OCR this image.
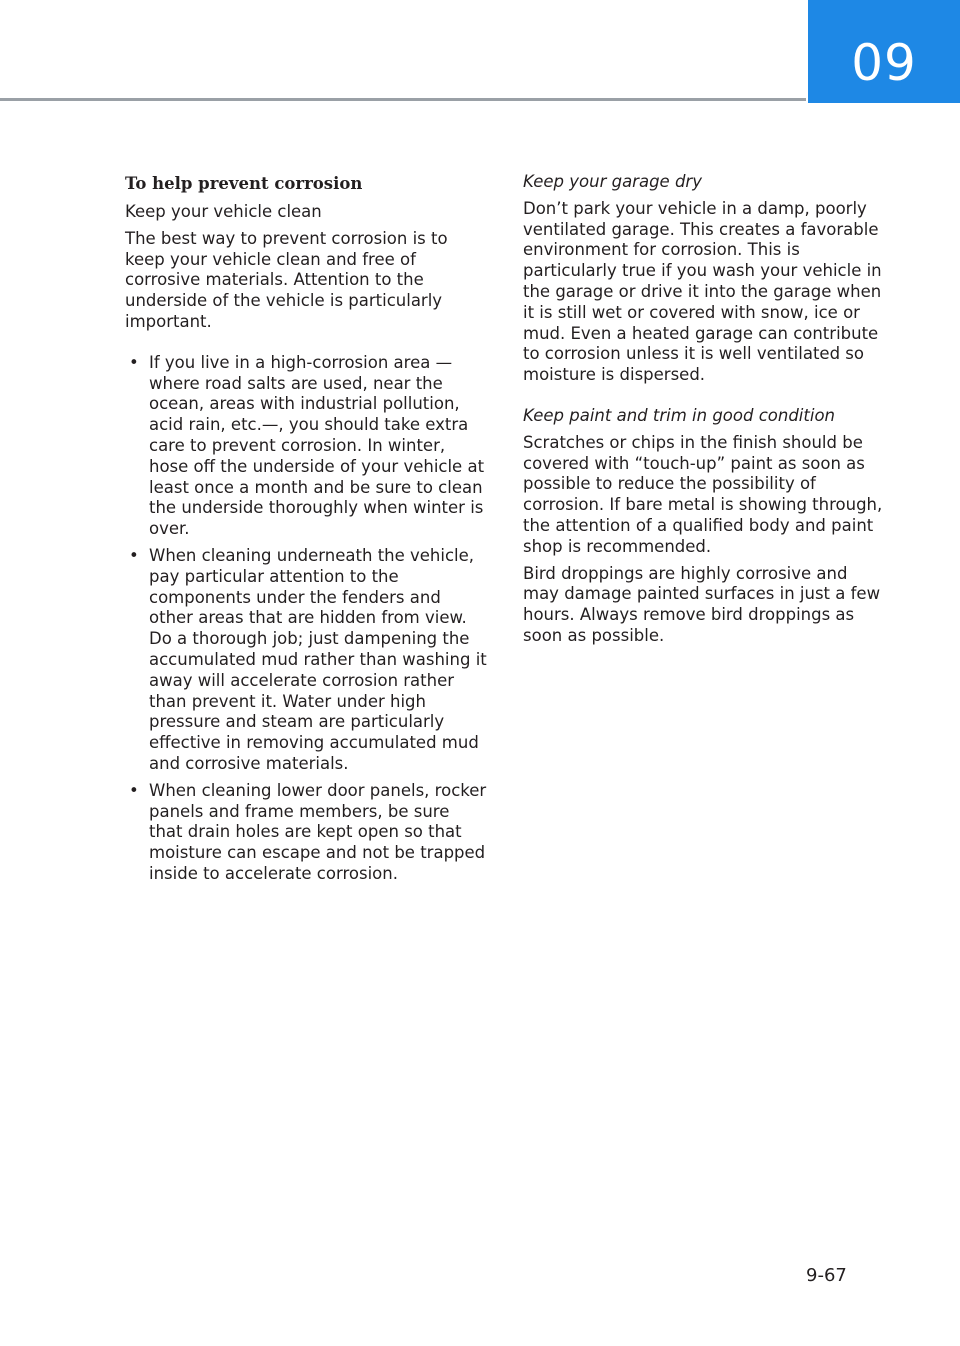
09
To help prevent corrosion

Keep your vehicle clean

The best way to prevent corrosion is to keep your vehicle clean and free of corrosive materials. Attention to the underside of the vehicle is particularly important.

• If you live in a high-corrosion area — where road salts are used, near the ocean, areas with industrial pollution, acid rain, etc.—, you should take extra care to prevent corrosion. In winter, hose off the underside of your vehicle at least once a month and be sure to clean the underside thoroughly when winter is over.
• When cleaning underneath the vehicle, pay particular attention to the components under the fenders and other areas that are hidden from view. Do a thorough job; just dampening the accumulated mud rather than washing it away will accelerate corrosion rather than prevent it. Water under high pressure and steam are particularly effective in removing accumulated mud and corrosive materials.
• When cleaning lower door panels, rocker panels and frame members, be sure that drain holes are kept open so that moisture can escape and not be trapped inside to accelerate corrosion.

Keep your garage dry

Don’t park your vehicle in a damp, poorly ventilated garage. This creates a favorable environment for corrosion. This is particularly true if you wash your vehicle in the garage or drive it into the garage when it is still wet or covered with snow, ice or mud. Even a heated garage can contribute to corrosion unless it is well ventilated so moisture is dispersed.

Keep paint and trim in good condition

Scratches or chips in the finish should be covered with “touch-up” paint as soon as possible to reduce the possibility of corrosion. If bare metal is showing through, the attention of a qualified body and paint shop is recommended.

Bird droppings are highly corrosive and may damage painted surfaces in just a few hours. Always remove bird droppings as soon as possible.

9-67
